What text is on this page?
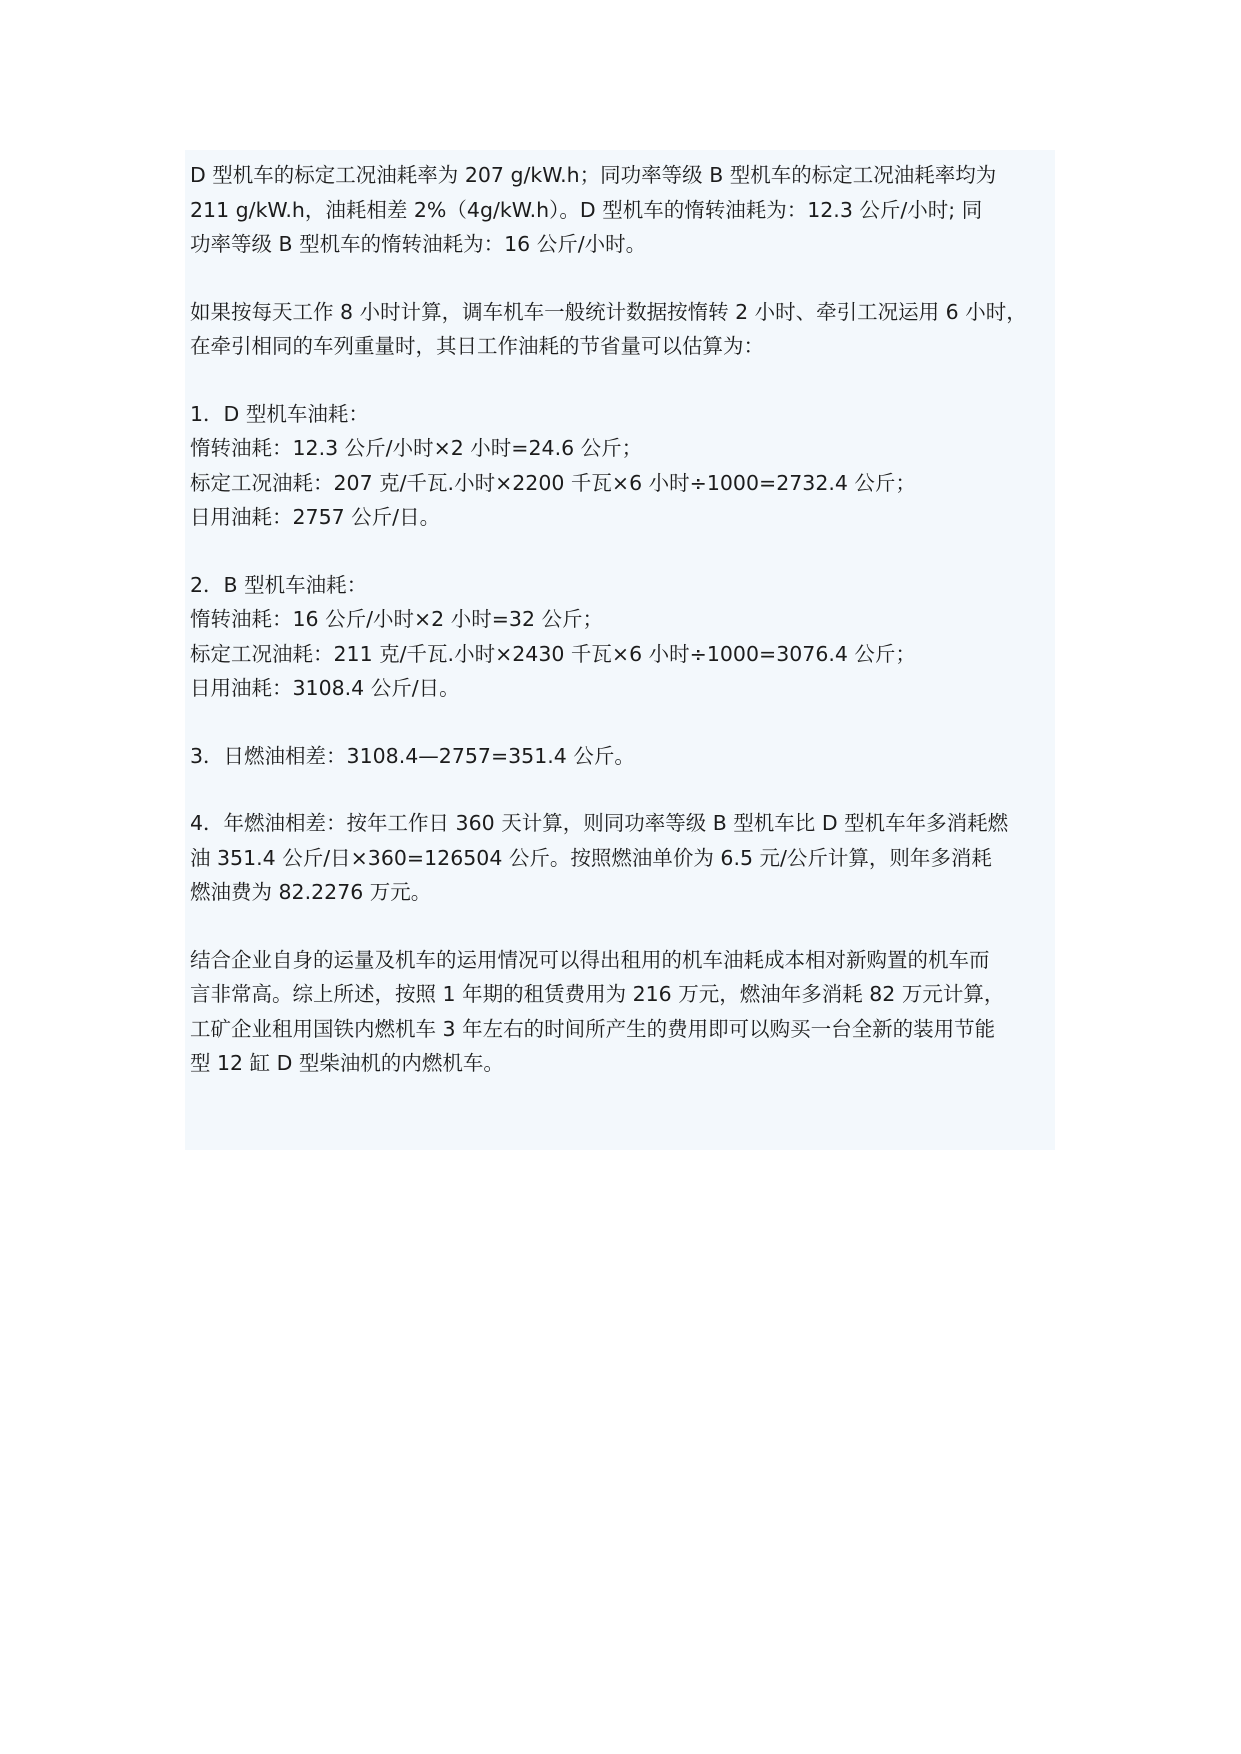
D 型机车的标定工况油耗率为 207 g/kW.h；同功率等级 B 型机车的标定工况油耗率均为
211 g/kW.h，油耗相差 2%（4g/kW.h）。D 型机车的惰转油耗为：12.3 公斤/小时; 同
功率等级 B 型机车的惰转油耗为：16 公斤/小时。

如果按每天工作 8 小时计算，调车机车一般统计数据按惰转 2 小时、牵引工况运用 6 小时，
在牵引相同的车列重量时，其日工作油耗的节省量可以估算为：

1．D 型机车油耗：
惰转油耗：12.3 公斤/小时×2 小时=24.6 公斤；
标定工况油耗：207 克/千瓦.小时×2200 千瓦×6 小时÷1000=2732.4 公斤；
日用油耗：2757 公斤/日。

2．B 型机车油耗：
惰转油耗：16 公斤/小时×2 小时=32 公斤；
标定工况油耗：211 克/千瓦.小时×2430 千瓦×6 小时÷1000=3076.4 公斤；
日用油耗：3108.4 公斤/日。

3．日燃油相差：3108.4—2757=351.4 公斤。

4．年燃油相差：按年工作日 360 天计算，则同功率等级 B 型机车比 D 型机车年多消耗燃
油 351.4 公斤/日×360=126504 公斤。按照燃油单价为 6.5 元/公斤计算，则年多消耗
燃油费为 82.2276 万元。

结合企业自身的运量及机车的运用情况可以得出租用的机车油耗成本相对新购置的机车而
言非常高。综上所述，按照 1 年期的租赁费用为 216 万元，燃油年多消耗 82 万元计算，
工矿企业租用国铁内燃机车 3 年左右的时间所产生的费用即可以购买一台全新的装用节能
型 12 缸 D 型柴油机的内燃机车。
